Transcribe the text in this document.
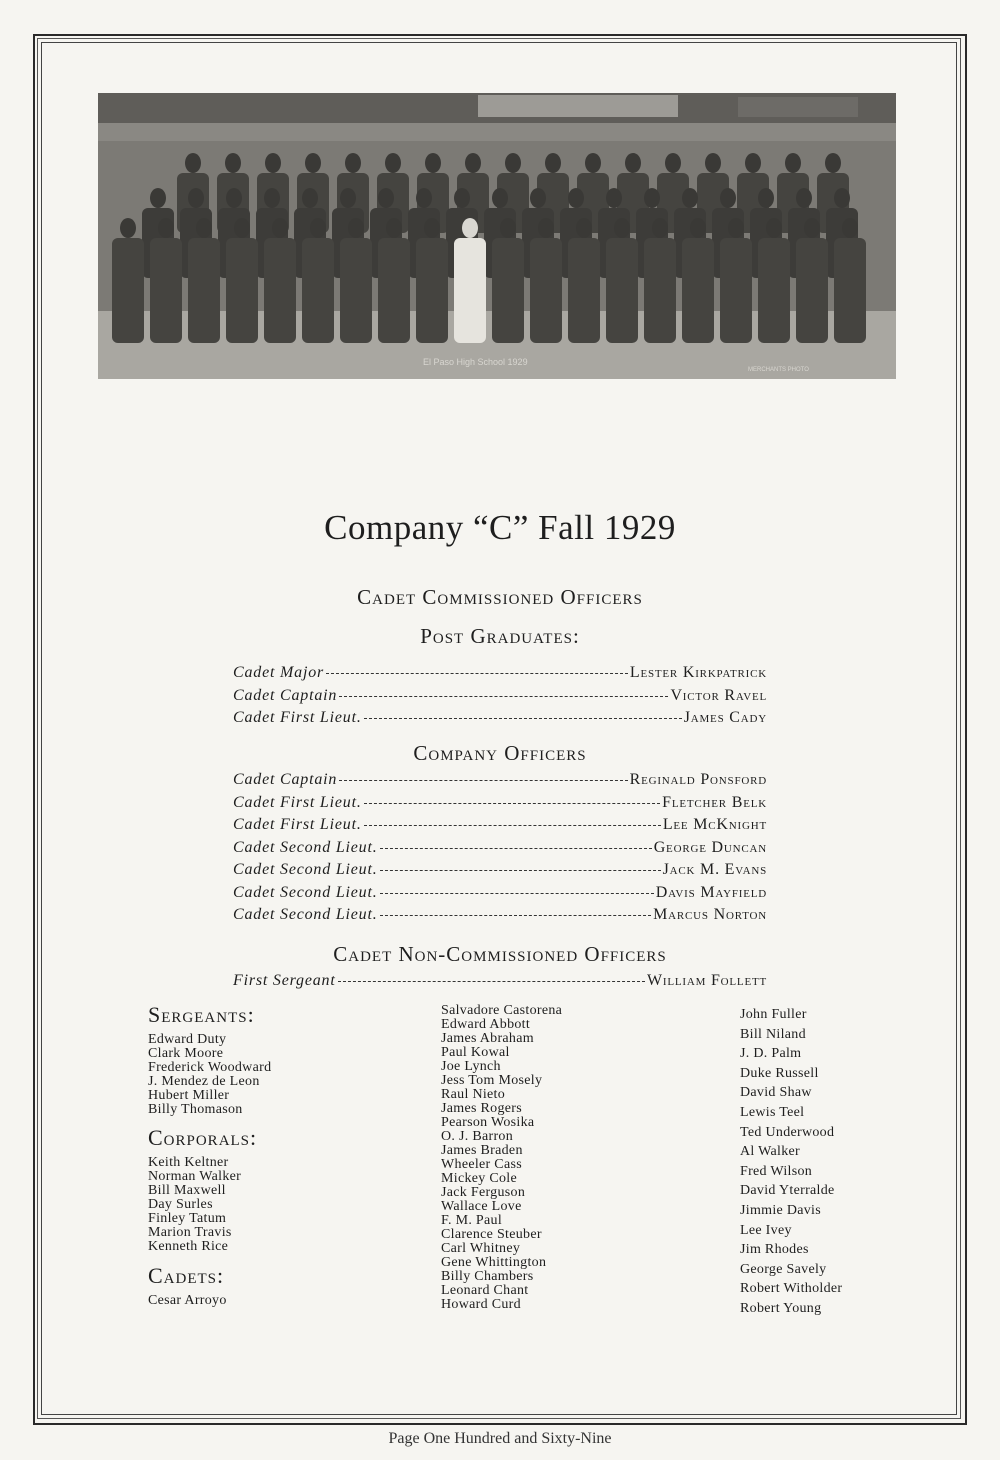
El Paso High School 1929
MERCHANTS PHOTO
Company “C” Fall 1929
Cadet Commissioned Officers
Post Graduates:
Cadet Major	Lester Kirkpatrick
Cadet Captain	Victor Ravel
Cadet First Lieut.	James Cady
Company Officers
Cadet Captain	Reginald Ponsford
Cadet First Lieut.	Fletcher Belk
Cadet First Lieut.	Lee McKnight
Cadet Second Lieut.	George Duncan
Cadet Second Lieut.	Jack M. Evans
Cadet Second Lieut.	Davis Mayfield
Cadet Second Lieut.	Marcus Norton
Cadet Non-Commissioned Officers
First Sergeant	William Follett
Sergeants:
Edward Duty
Clark Moore
Frederick Woodward
J. Mendez de Leon
Hubert Miller
Billy Thomason
Corporals:
Keith Keltner
Norman Walker
Bill Maxwell
Day Surles
Finley Tatum
Marion Travis
Kenneth Rice
Cadets:
Cesar Arroyo
Salvadore Castorena
Edward Abbott
James Abraham
Paul Kowal
Joe Lynch
Jess Tom Mosely
Raul Nieto
James Rogers
Pearson Wosika
O. J. Barron
James Braden
Wheeler Cass
Mickey Cole
Jack Ferguson
Wallace Love
F. M. Paul
Clarence Steuber
Carl Whitney
Gene Whittington
Billy Chambers
Leonard Chant
Howard Curd
John Fuller
Bill Niland
J. D. Palm
Duke Russell
David Shaw
Lewis Teel
Ted Underwood
Al Walker
Fred Wilson
David Yterralde
Jimmie Davis
Lee Ivey
Jim Rhodes
George Savely
Robert Witholder
Robert Young
Page One Hundred and Sixty-Nine
